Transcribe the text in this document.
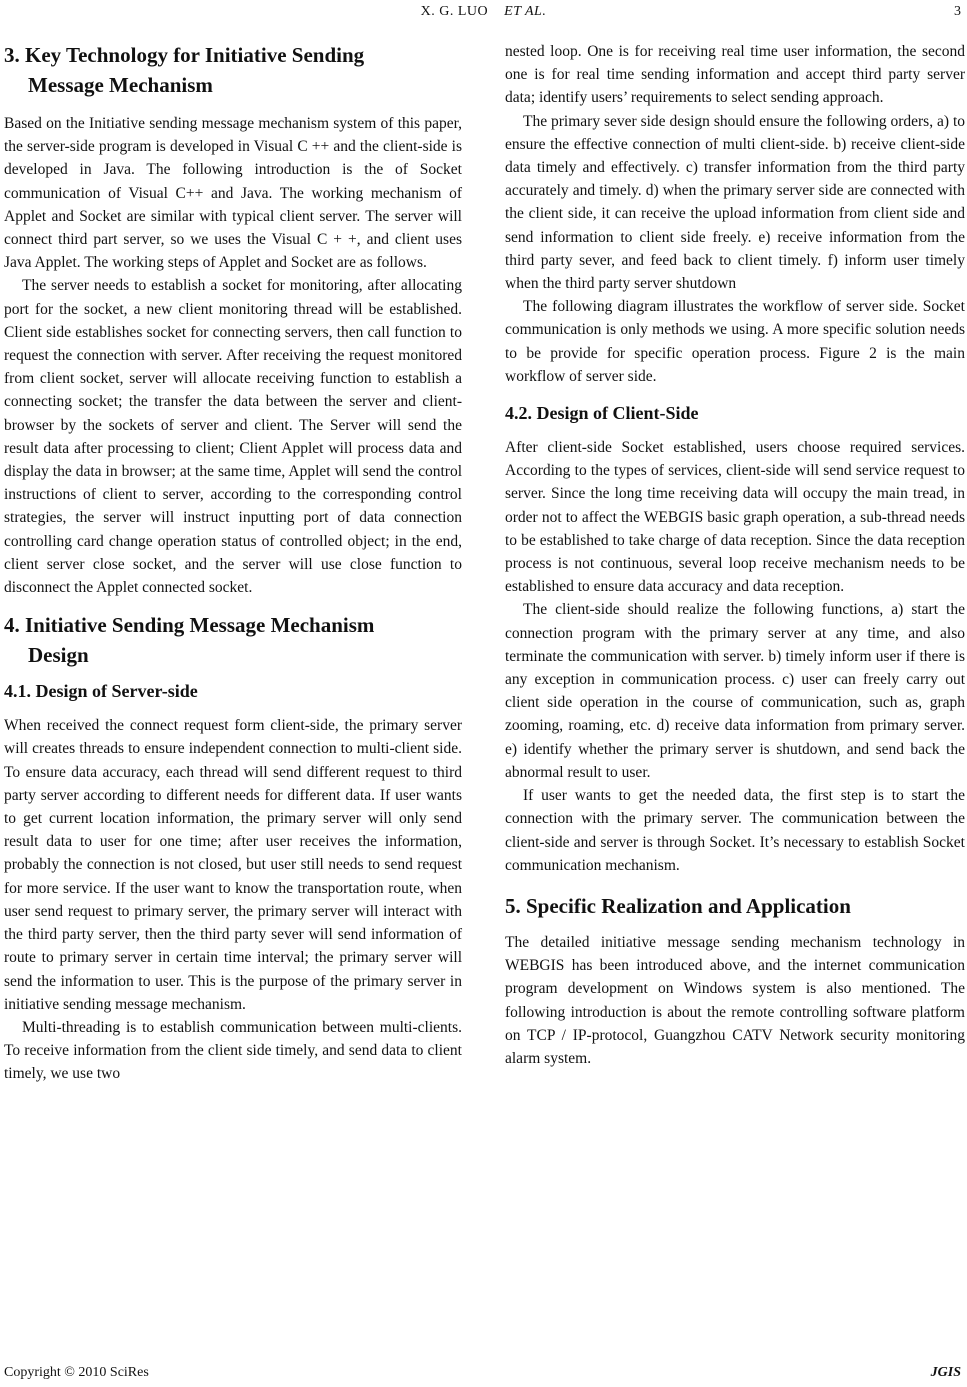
X. G. LUO ET AL.	3
3. Key Technology for Initiative Sending
Message Mechanism

Based on the Initiative sending message mechanism system of this paper, the server-side program is developed in Visual C ++ and the client-side is developed in Java. The following introduction is the of Socket communication of Visual C++ and Java. The working mechanism of Applet and Socket are similar with typical client server. The server will connect third part server, so we uses the Visual C + +, and client uses Java Applet. The working steps of Applet and Socket are as follows.

The server needs to establish a socket for monitoring, after allocating port for the socket, a new client monitoring thread will be established. Client side establishes socket for connecting servers, then call function to request the connection with server. After receiving the request monitored from client socket, server will allocate receiving function to establish a connecting socket; the transfer the data between the server and client-browser by the sockets of server and client. The Server will send the result data after processing to client; Client Applet will process data and display the data in browser; at the same time, Applet will send the control instructions of client to server, according to the corresponding control strategies, the server will instruct inputting port of data connection controlling card change operation status of controlled object; in the end, client server close socket, and the server will use close function to disconnect the Applet connected socket.

4. Initiative Sending Message Mechanism
Design
4.1. Design of Server-side

When received the connect request form client-side, the primary server will creates threads to ensure independent connection to multi-client side. To ensure data accuracy, each thread will send different request to third party server according to different needs for different data. If user wants to get current location information, the primary server will only send result data to user for one time; after user receives the information, probably the connection is not closed, but user still needs to send request for more service. If the user want to know the transportation route, when user send request to primary server, the primary server will interact with the third party server, then the third party sever will send information of route to primary server in certain time interval; the primary server will send the information to user. This is the purpose of the primary server in initiative sending message mechanism.

Multi-threading is to establish communication between multi-clients. To receive information from the client side timely, and send data to client timely, we use two

nested loop. One is for receiving real time user information, the second one is for real time sending information and accept third party server data; identify users’ requirements to select sending approach.

The primary sever side design should ensure the following orders, a) to ensure the effective connection of multi client-side. b) receive client-side data timely and effectively. c) transfer information from the third party accurately and timely. d) when the primary server side are connected with the client side, it can receive the upload information from client side and send information to client side freely. e) receive information from the third party sever, and feed back to client timely. f) inform user timely when the third party server shutdown

The following diagram illustrates the workflow of server side. Socket communication is only methods we using. A more specific solution needs to be provide for specific operation process. Figure 2 is the main workflow of server side.

4.2. Design of Client-Side

After client-side Socket established, users choose required services. According to the types of services, client-side will send service request to server. Since the long time receiving data will occupy the main tread, in order not to affect the WEBGIS basic graph operation, a sub-thread needs to be established to take charge of data reception. Since the data reception process is not continuous, several loop receive mechanism needs to be established to ensure data accuracy and data reception.

The client-side should realize the following functions, a) start the connection program with the primary server at any time, and also terminate the communication with server. b) timely inform user if there is any exception in communication process. c) user can freely carry out client side operation in the course of communication, such as, graph zooming, roaming, etc. d) receive data information from primary server. e) identify whether the primary server is shutdown, and send back the abnormal result to user.

If user wants to get the needed data, the first step is to start the connection with the primary server. The communication between the client-side and server is through Socket. It’s necessary to establish Socket communication mechanism.

5. Specific Realization and Application

The detailed initiative message sending mechanism technology in WEBGIS has been introduced above, and the internet communication program development on Windows system is also mentioned. The following introduction is about the remote controlling software platform on TCP / IP-protocol, Guangzhou CATV Network security monitoring alarm system.

Copyright © 2010 SciRes	JGIS
